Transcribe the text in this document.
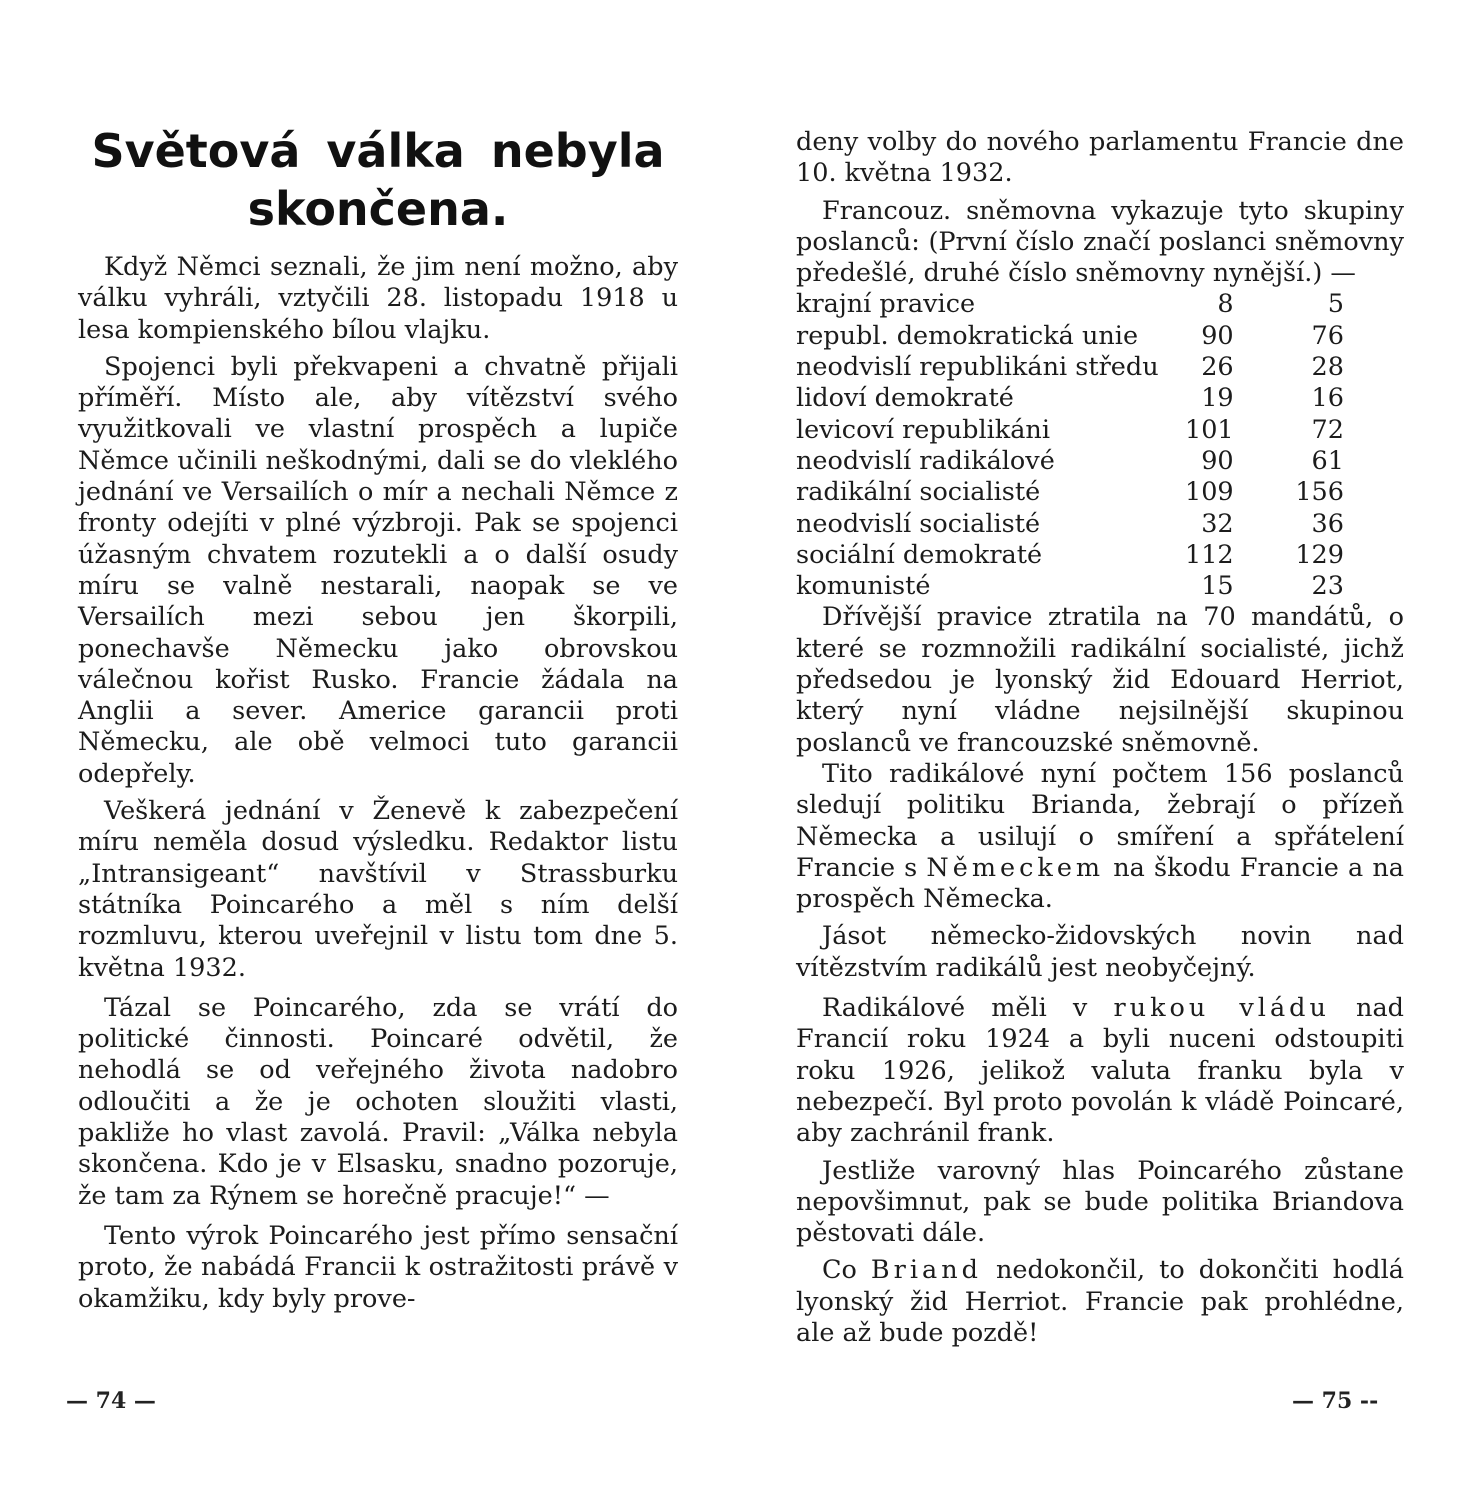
Světová válka nebyla
skončena.

Když Němci seznali, že jim není možno, aby válku vyhráli, vztyčili 28. listopadu 1918 u lesa kompienského bílou vlajku.

Spojenci byli překvapeni a chvatně přijali příměří. Místo ale, aby vítězství svého využitkovali ve vlastní prospěch a lupiče Němce učinili neškodnými, dali se do vleklého jednání ve Versailích o mír a nechali Němce z fronty odejíti v plné výzbroji. Pak se spojenci úžasným chvatem rozutekli a o další osudy míru se valně nestarali, naopak se ve Versailích mezi sebou jen škorpili, ponechavše Německu jako obrovskou válečnou kořist Rusko. Francie žádala na Anglii a sever. Americe garancii proti Německu, ale obě velmoci tuto garancii odepřely.

Veškerá jednání v Ženevě k zabezpečení míru neměla dosud výsledku. Redaktor listu „Intransigeant“ navštívil v Strassburku státníka Poincarého a měl s ním delší rozmluvu, kterou uveřejnil v listu tom dne 5. května 1932.

Tázal se Poincarého, zda se vrátí do politické činnosti. Poincaré odvětil, že nehodlá se od veřejného života nadobro odloučiti a že je ochoten sloužiti vlasti, pakliže ho vlast zavolá. Pravil: „Válka nebyla skončena. Kdo je v Elsasku, snadno pozoruje, že tam za Rýnem se horečně pracuje!“ —

Tento výrok Poincarého jest přímo sensační proto, že nabádá Francii k ostražitosti právě v okamžiku, kdy byly prove-

— 74 —

deny volby do nového parlamentu Francie dne 10. května 1932.

Francouz. sněmovna vykazuje tyto skupiny poslanců: (První číslo značí poslanci sněmovny předešlé, druhé číslo sněmovny nynější.) —

krajní pravice	8	5
republ. demokratická unie	90	76
neodvislí republikáni středu	26	28
lidoví demokraté	19	16
levicoví republikáni	101	72
neodvislí radikálové	90	61
radikální socialisté	109	156
neodvislí socialisté	32	36
sociální demokraté	112	129
komunisté	15	23

Dřívější pravice ztratila na 70 mandátů, o které se rozmnožili radikální socialisté, jichž předsedou je lyonský žid Edouard Herriot, který nyní vládne nejsilnější skupinou poslanců ve francouzské sněmovně.

Tito radikálové nyní počtem 156 poslanců sledují politiku Brianda, žebrají o přízeň Německa a usilují o smíření a spřátelení Francie s Německem na škodu Francie a na prospěch Německa.

Jásot německo-židovských novin nad vítězstvím radikálů jest neobyčejný.

Radikálové měli v rukou vládu nad Francií roku 1924 a byli nuceni odstoupiti roku 1926, jelikož valuta franku byla v nebezpečí. Byl proto povolán k vládě Poincaré, aby zachránil frank.

Jestliže varovný hlas Poincarého zůstane nepovšimnut, pak se bude politika Briandova pěstovati dále.

Co Briand nedokončil, to dokončiti hodlá lyonský žid Herriot. Francie pak prohlédne, ale až bude pozdě!

— 75 --
